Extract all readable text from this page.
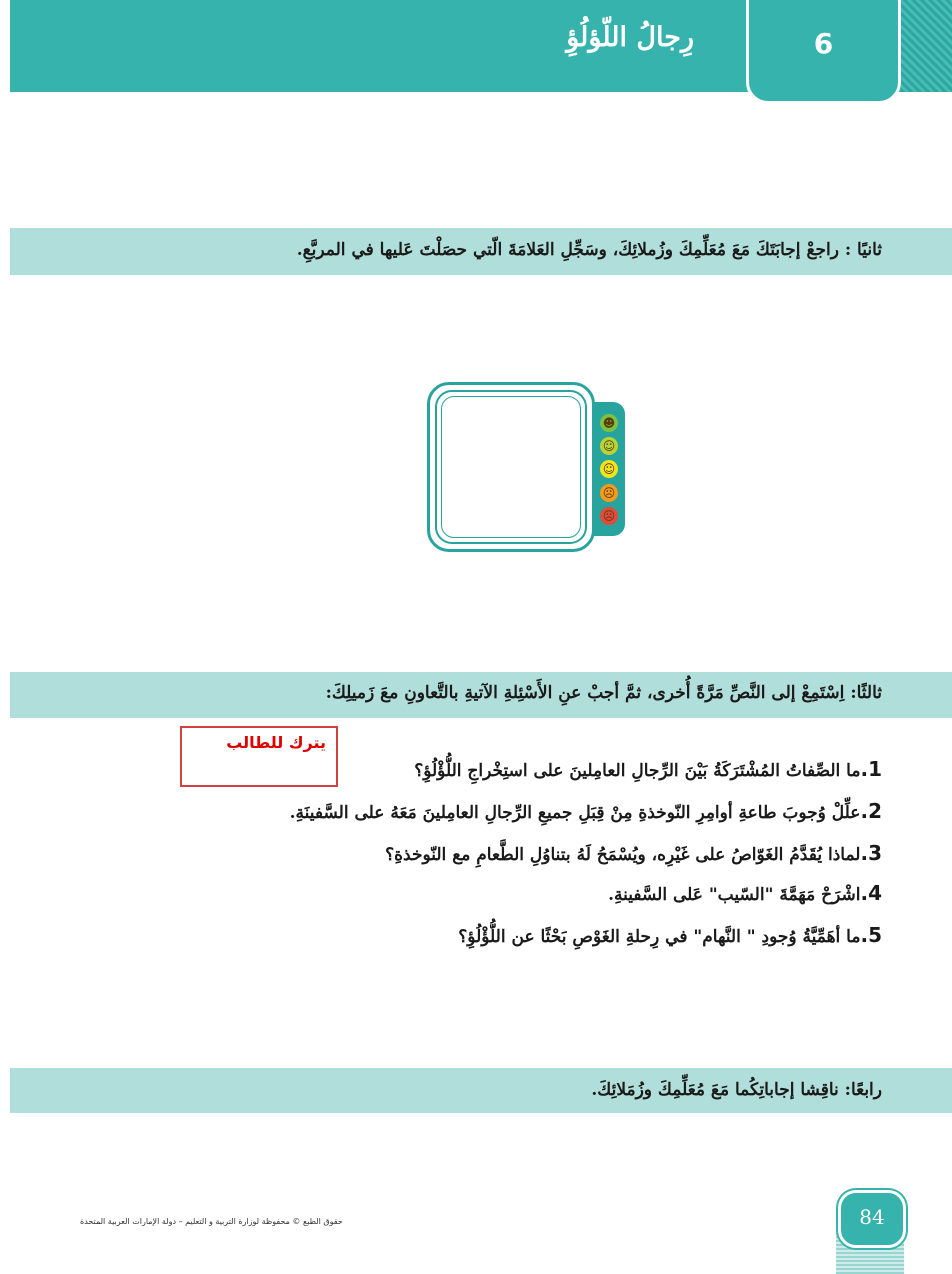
رِجالُ اللّؤلُؤِ	6
ثانيًا : راجعْ إجابَتَكَ مَعَ مُعَلِّمِكَ وزُملائِكَ، وسَجِّلِ العَلامَةَ الّتي حصَلْتَ عَليها في المربَّعِ.
☻
☺
☺
☹
☹
ثالثًا: اِسْتَمِعْ إلى النَّصِّ مَرَّةً أُخرى، ثمَّ أجبْ عنِ الأَسْئِلةِ الآتيةِ بالتَّعاونِ معَ زَميلِكَ:
يترك للطالب
1.ما الصِّفاتُ المُشْتَرَكَةُ بَيْنَ الرِّجالِ العامِلينَ على استِخْراجِ اللُّؤْلُؤِ؟
2.علِّلْ وُجوبَ طاعةِ أوامِرِ النّوخذةِ مِنْ قِبَلِ جميعِ الرِّجالِ العامِلينَ مَعَهُ على السَّفينَةِ.
3.لماذا يُقَدَّمُ الغَوّاصُ على غَيْرِه، ويُسْمَحُ لَهُ بتناوُلِ الطَّعامِ مع النّوخذةِ؟
4.اشْرَحْ مَهَمَّةَ "السّيب" عَلى السَّفينةِ.
5.ما أهَمِّيَّةُ وُجودِ " النَّهام" في رِحلةِ الغَوْصِ بَحْثًا عن اللُّؤْلُؤِ؟
رابعًا: ناقِشا إجاباتِكُما مَعَ مُعَلِّمِكَ وزُمَلائِكَ.
حقوق الطبع © محفوظة لوزارة التربية و التعليم – دولة الإمارات العربية المتحدة	84
